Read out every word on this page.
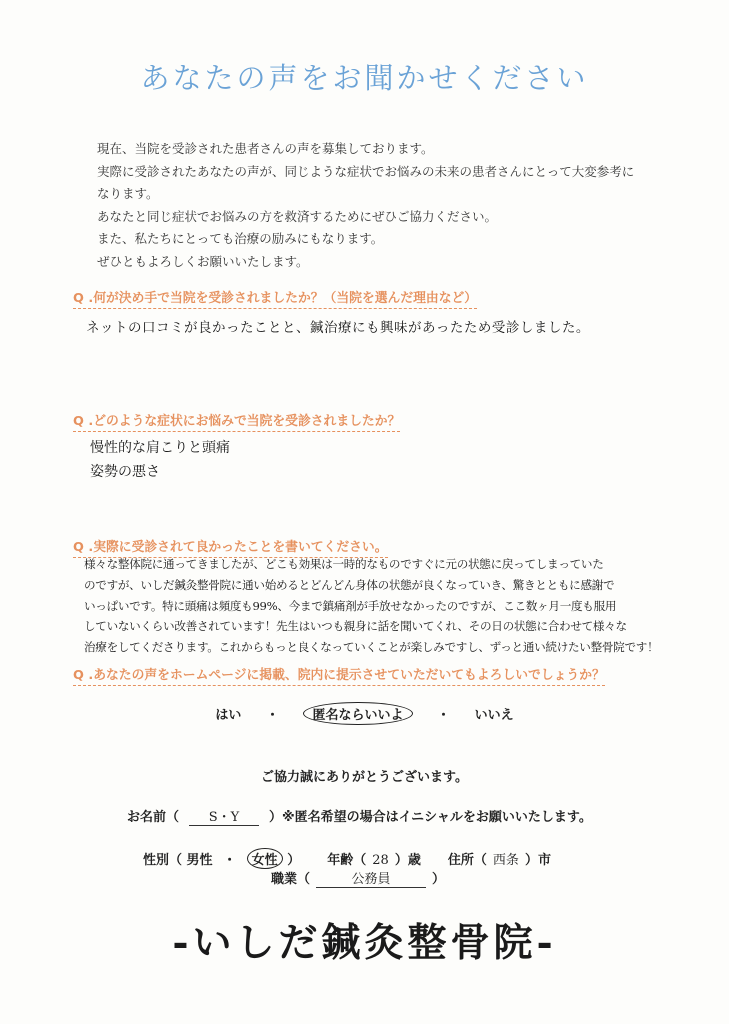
あなたの声をお聞かせください
現在、当院を受診された患者さんの声を募集しております。
実際に受診されたあなたの声が、同じような症状でお悩みの未来の患者さんにとって大変参考に
なります。
あなたと同じ症状でお悩みの方を救済するためにぜひご協力ください。
また、私たちにとっても治療の励みにもなります。
ぜひともよろしくお願いいたします。
Q .何が決め手で当院を受診されましたか？（当院を選んだ理由など）
ネットの口コミが良かったことと、鍼治療にも興味があったため受診しました。
Q .どのような症状にお悩みで当院を受診されましたか？
慢性的な肩こりと頭痛
姿勢の悪さ
Q .実際に受診されて良かったことを書いてください。
様々な整体院に通ってきましたが、どこも効果は一時的なものですぐに元の状態に戻ってしまっていた
のですが、いしだ鍼灸整骨院に通い始めるとどんどん身体の状態が良くなっていき、驚きとともに感謝で
いっぱいです。特に頭痛は頻度も99%、今まで鎮痛剤が手放せなかったのですが、ここ数ヶ月一度も服用
していないくらい改善されています！先生はいつも親身に話を聞いてくれ、その日の状態に合わせて様々な
治療をしてくださります。これからもっと良くなっていくことが楽しみですし、ずっと通い続けたい整骨院です！
Q .あなたの声をホームページに掲載、院内に提示させていただいてもよろしいでしょうか？
はい ・	匿名ならいいよ	・ いいえ
ご協力誠にありがとうございます。
お名前（ S・Y ）※匿名希望の場合はイニシャルをお願いいたします。
性別（ 男性 ・ 女性 ） 年齢（ 28 ）歳 住所（ 西条 ）市
職業（	公務員	）
-いしだ鍼灸整骨院-
